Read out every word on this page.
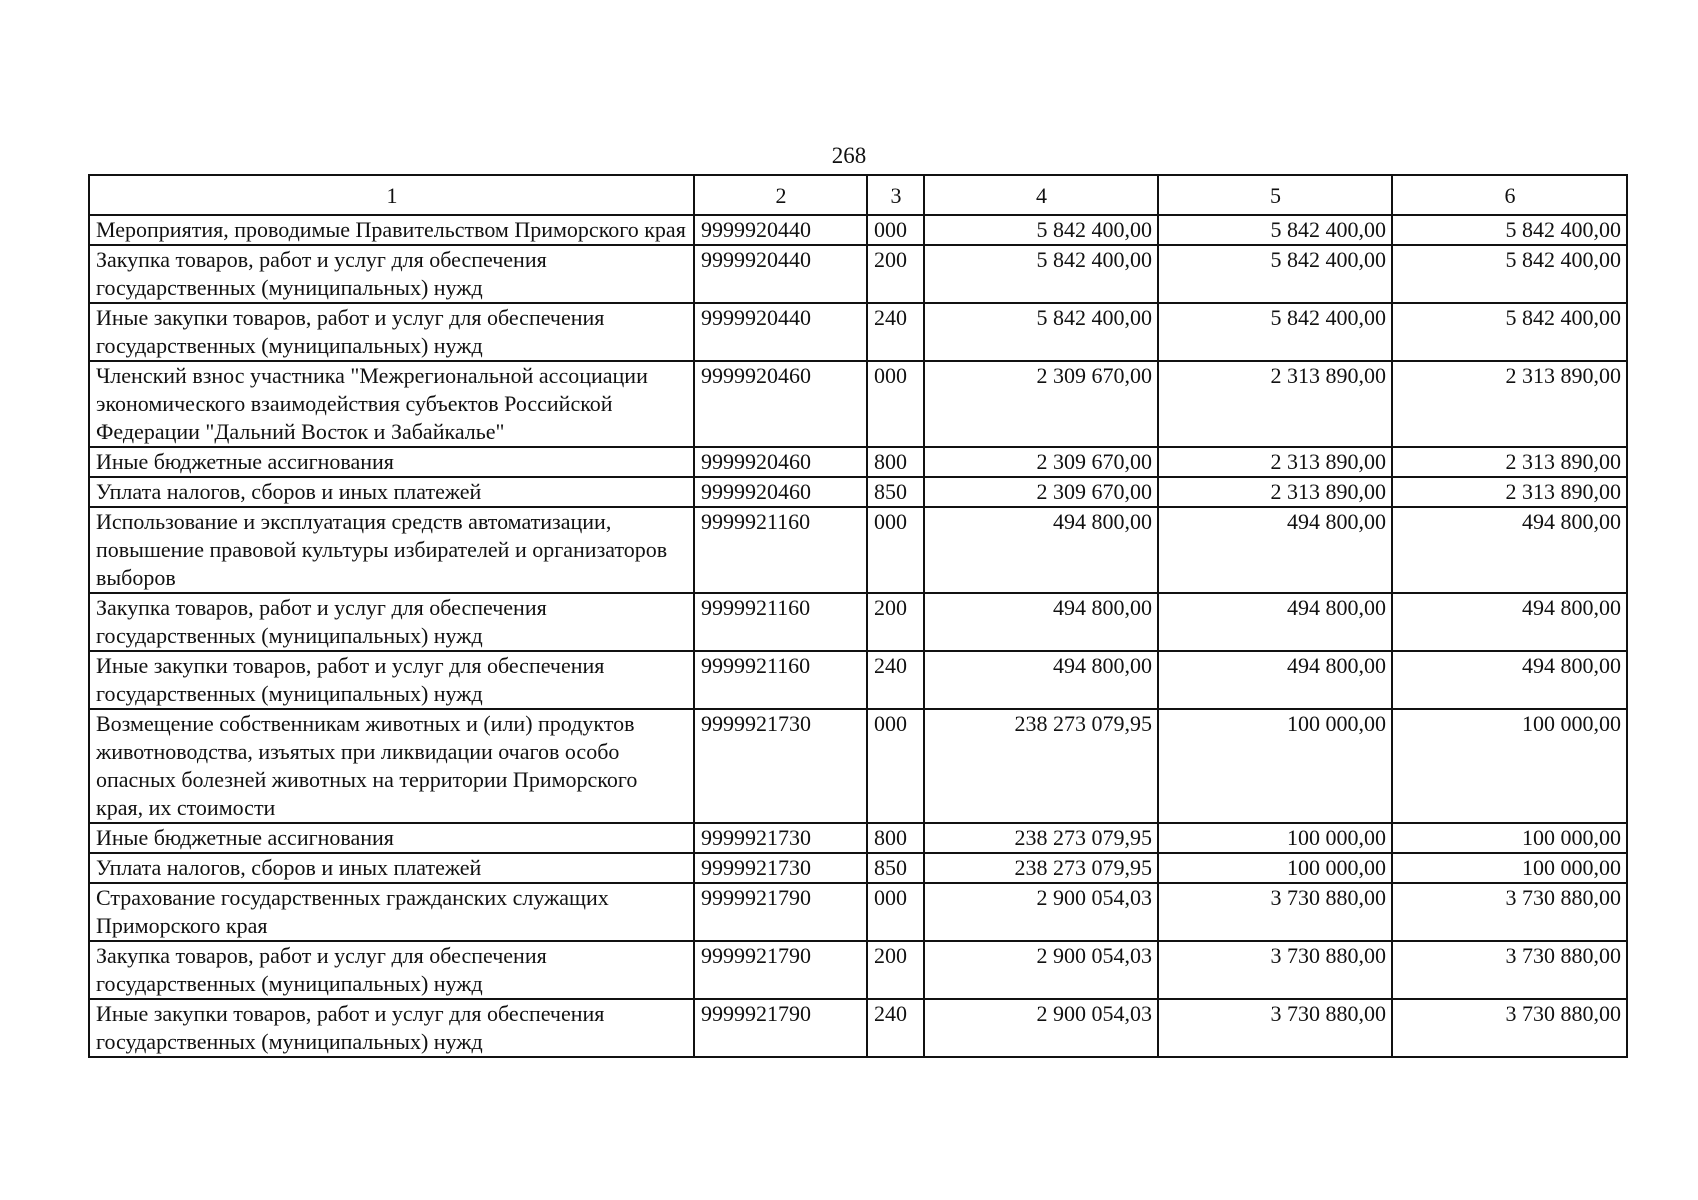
268
1	2	3	4	5	6
Мероприятия, проводимые Правительством Приморского края	9999920440	000	5 842 400,00	5 842 400,00	5 842 400,00
Закупка товаров, работ и услуг для обеспечения государственных (муниципальных) нужд	9999920440	200	5 842 400,00	5 842 400,00	5 842 400,00
Иные закупки товаров, работ и услуг для обеспечения государственных (муниципальных) нужд	9999920440	240	5 842 400,00	5 842 400,00	5 842 400,00
Членский взнос участника "Межрегиональной ассоциации экономического взаимодействия субъектов Российской Федерации "Дальний Восток и Забайкалье"	9999920460	000	2 309 670,00	2 313 890,00	2 313 890,00
Иные бюджетные ассигнования	9999920460	800	2 309 670,00	2 313 890,00	2 313 890,00
Уплата налогов, сборов и иных платежей	9999920460	850	2 309 670,00	2 313 890,00	2 313 890,00
Использование и эксплуатация средств автоматизации, повышение правовой культуры избирателей и организаторов выборов	9999921160	000	494 800,00	494 800,00	494 800,00
Закупка товаров, работ и услуг для обеспечения государственных (муниципальных) нужд	9999921160	200	494 800,00	494 800,00	494 800,00
Иные закупки товаров, работ и услуг для обеспечения государственных (муниципальных) нужд	9999921160	240	494 800,00	494 800,00	494 800,00
Возмещение собственникам животных и (или) продуктов животноводства, изъятых при ликвидации очагов особо опасных болезней животных на территории Приморского края, их стоимости	9999921730	000	238 273 079,95	100 000,00	100 000,00
Иные бюджетные ассигнования	9999921730	800	238 273 079,95	100 000,00	100 000,00
Уплата налогов, сборов и иных платежей	9999921730	850	238 273 079,95	100 000,00	100 000,00
Страхование государственных гражданских служащих Приморского края	9999921790	000	2 900 054,03	3 730 880,00	3 730 880,00
Закупка товаров, работ и услуг для обеспечения государственных (муниципальных) нужд	9999921790	200	2 900 054,03	3 730 880,00	3 730 880,00
Иные закупки товаров, работ и услуг для обеспечения государственных (муниципальных) нужд	9999921790	240	2 900 054,03	3 730 880,00	3 730 880,00
